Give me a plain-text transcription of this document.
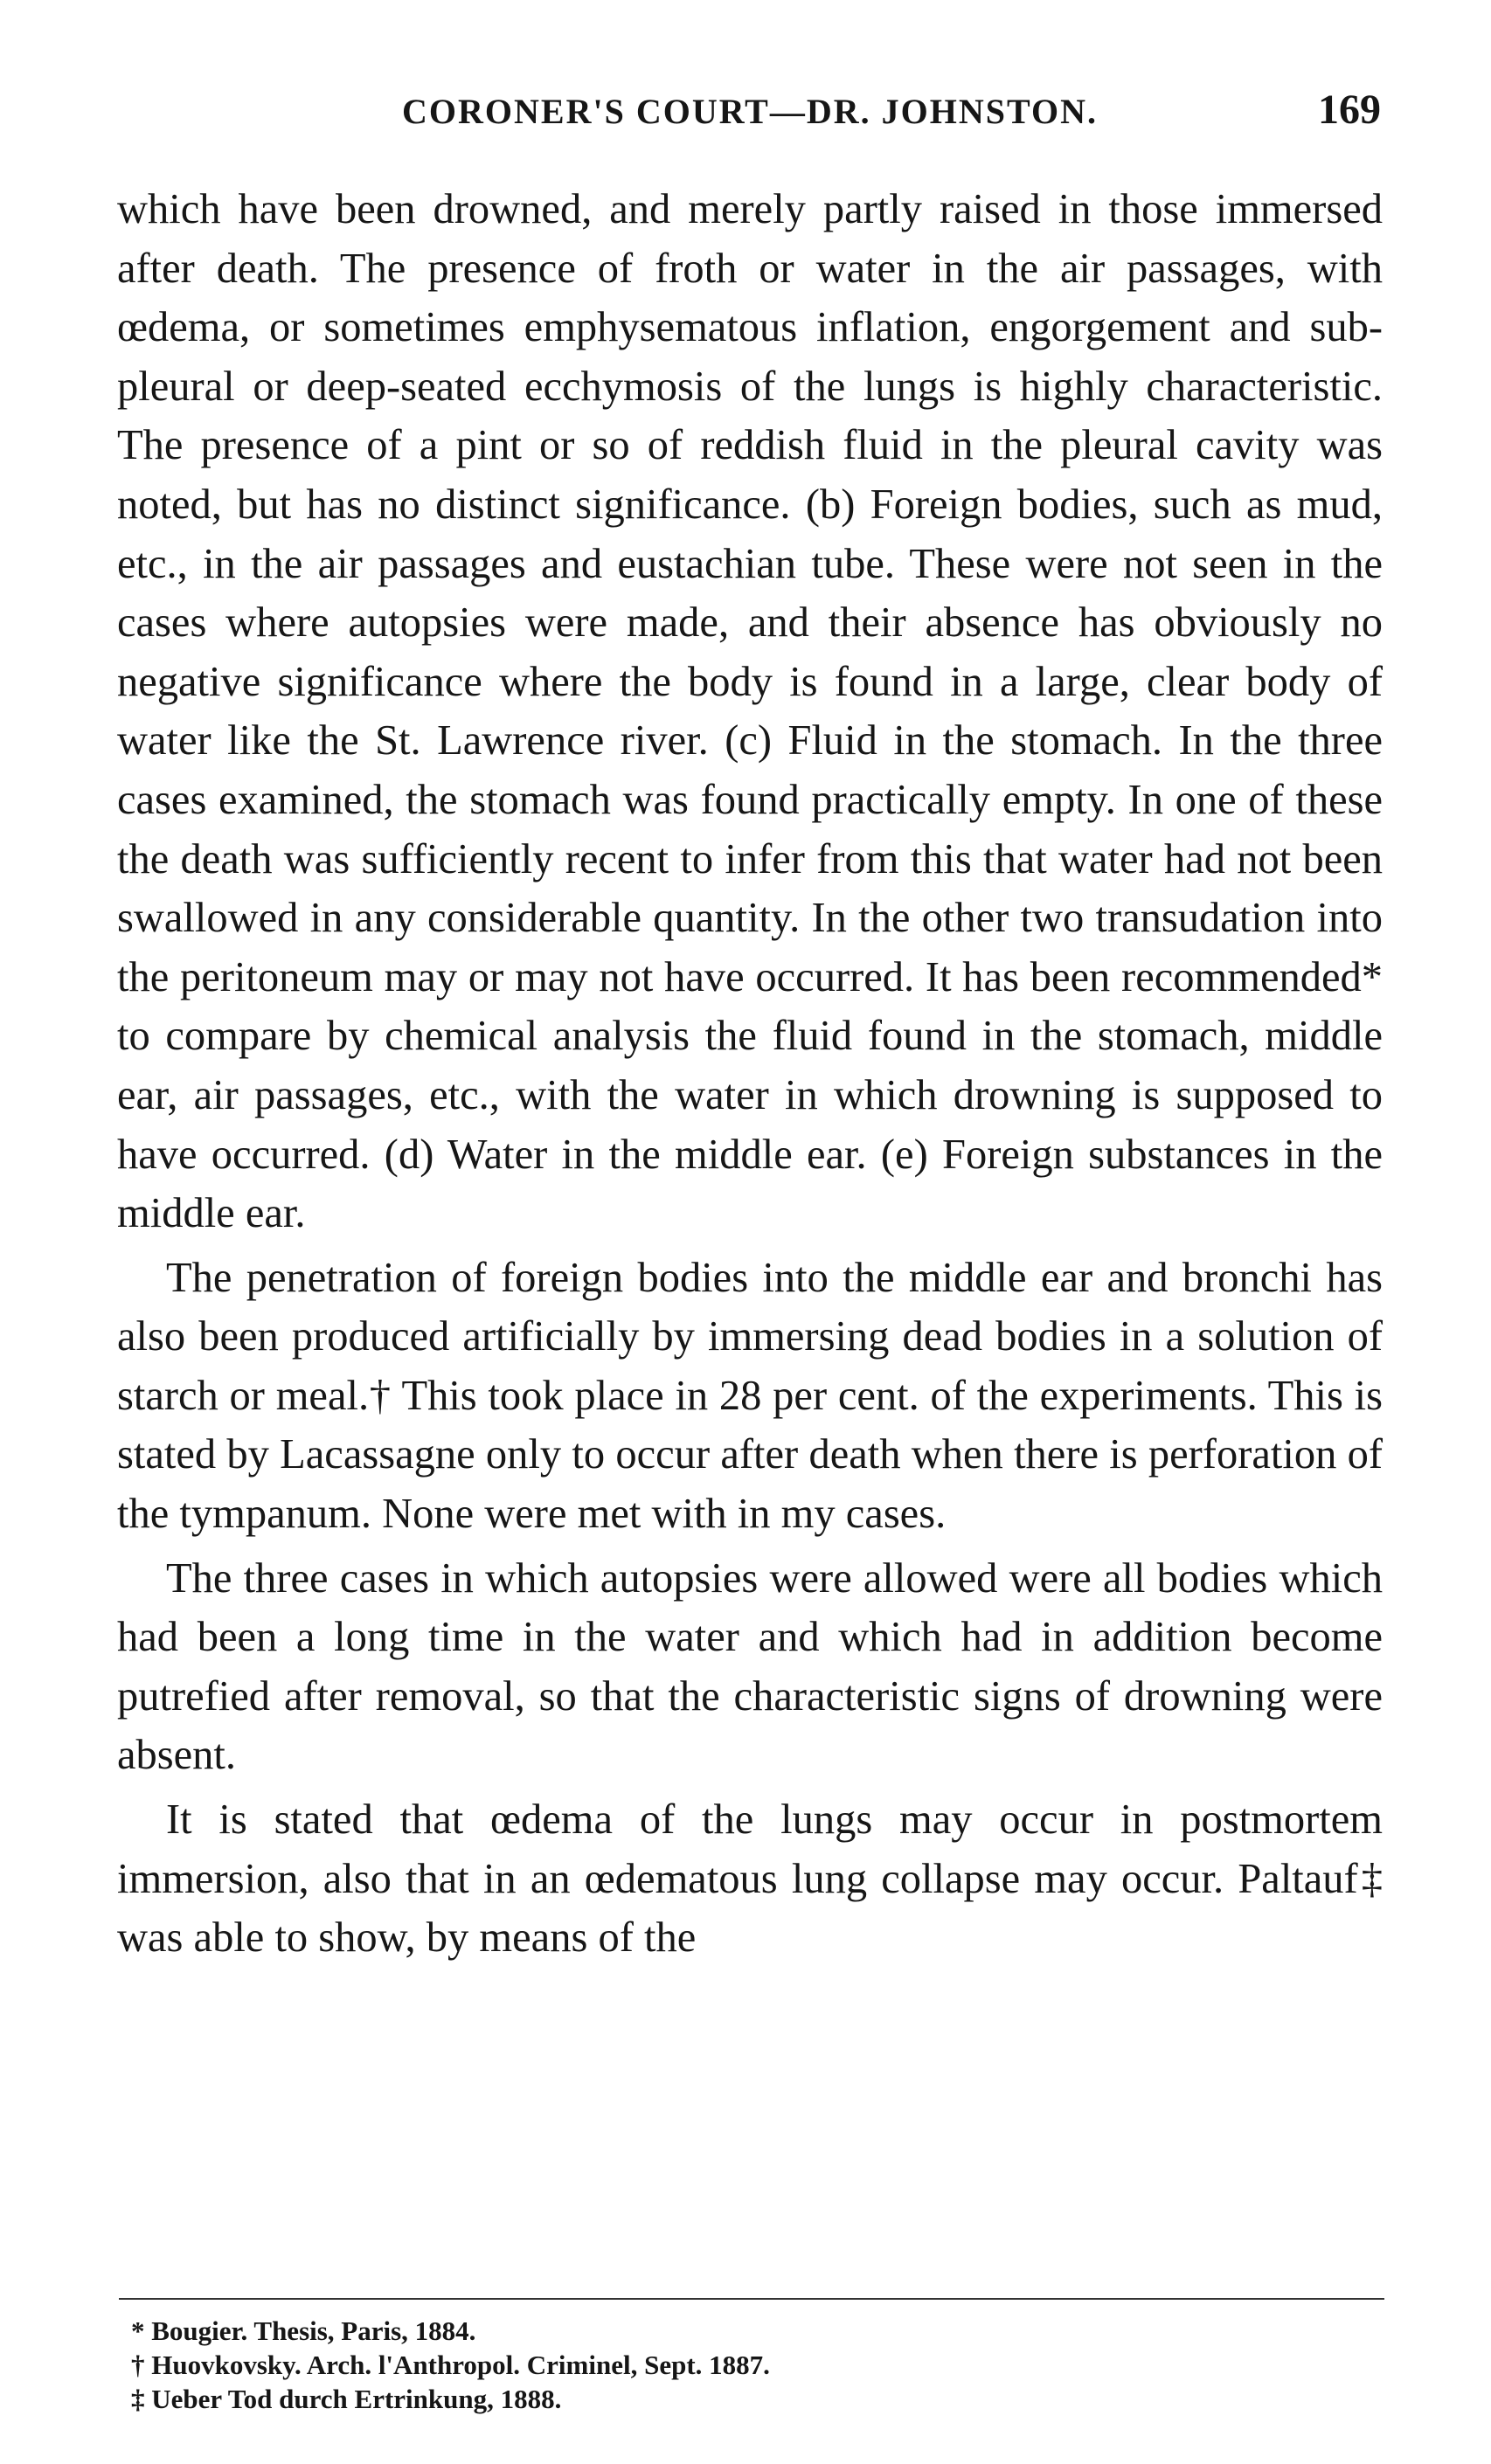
CORONER'S COURT—DR. JOHNSTON.	169

which have been drowned, and merely partly raised in those immersed after death. The presence of froth or water in the air passages, with œdema, or sometimes emphysematous inflation, engorgement and sub-pleural or deep-seated ecchymosis of the lungs is highly characteristic. The presence of a pint or so of reddish fluid in the pleural cavity was noted, but has no distinct significance. (b) Foreign bodies, such as mud, etc., in the air passages and eustachian tube. These were not seen in the cases where autopsies were made, and their absence has obviously no negative significance where the body is found in a large, clear body of water like the St. Lawrence river. (c) Fluid in the stomach. In the three cases examined, the stomach was found practically empty. In one of these the death was sufficiently recent to infer from this that water had not been swallowed in any considerable quantity. In the other two transudation into the peritoneum may or may not have occurred. It has been recommended* to compare by chemical analysis the fluid found in the stomach, middle ear, air passages, etc., with the water in which drowning is supposed to have occurred. (d) Water in the middle ear. (e) Foreign substances in the middle ear.

The penetration of foreign bodies into the middle ear and bronchi has also been produced artificially by immersing dead bodies in a solution of starch or meal.† This took place in 28 per cent. of the experiments. This is stated by Lacassagne only to occur after death when there is perforation of the tympanum. None were met with in my cases.

The three cases in which autopsies were allowed were all bodies which had been a long time in the water and which had in addition become putrefied after removal, so that the characteristic signs of drowning were absent.

It is stated that œdema of the lungs may occur in postmortem immersion, also that in an œdematous lung collapse may occur. Paltauf‡ was able to show, by means of the

* Bougier. Thesis, Paris, 1884.

† Huovkovsky. Arch. l'Anthropol. Criminel, Sept. 1887.

‡ Ueber Tod durch Ertrinkung, 1888.
